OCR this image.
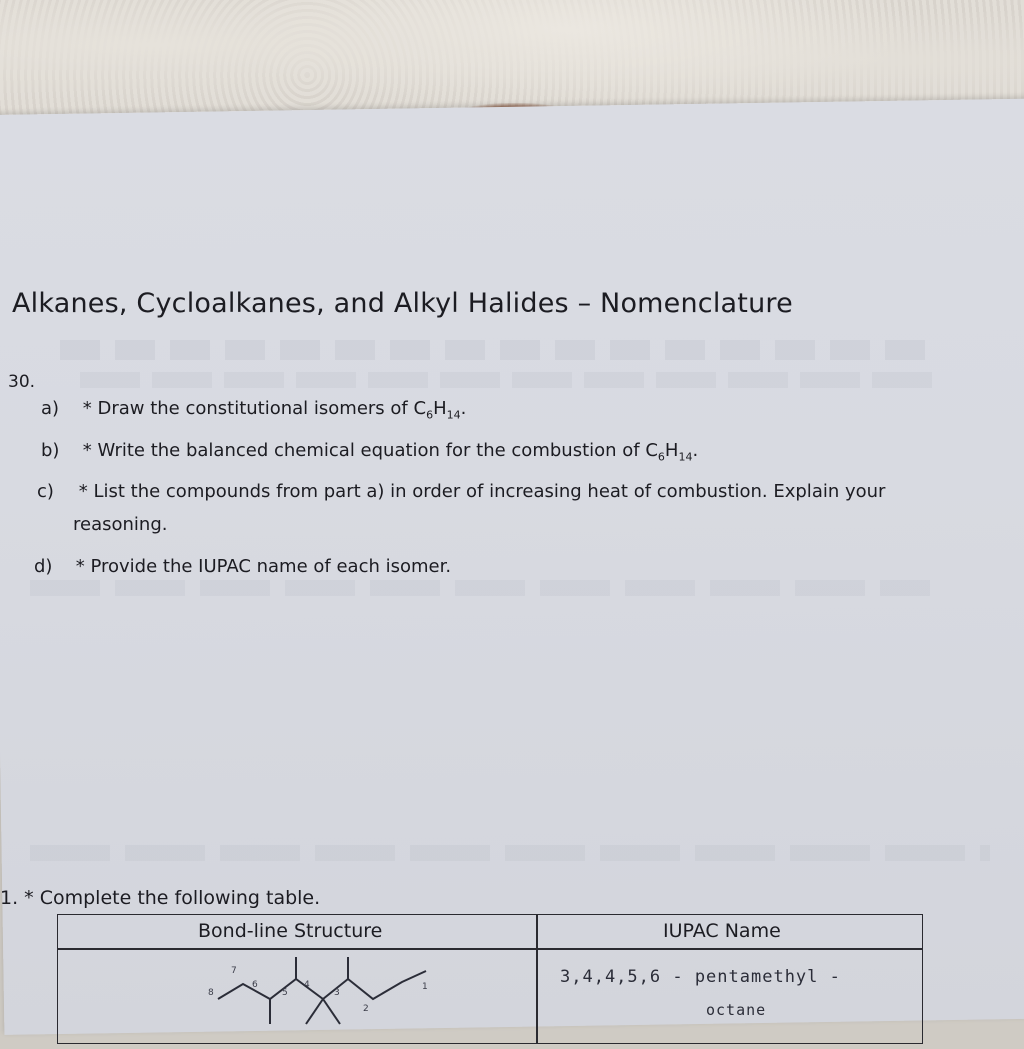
Alkanes, Cycloalkanes, and Alkyl Halides – Nomenclature
30.
a) * Draw the constitutional isomers of $C_6H_{14}$.
b) * Write the balanced chemical equation for the combustion of $C_6H_{14}$.
c) * List the compounds from part a) in order of increasing heat of combustion. Explain your
reasoning.
d) * Provide the IUPAC name of each isomer.
1. * Complete the following table.
Bond-line Structure	IUPAC Name
8
7
6
5
4
3
2
1	3,4,4,5,6 - pentamethyl -
octane
